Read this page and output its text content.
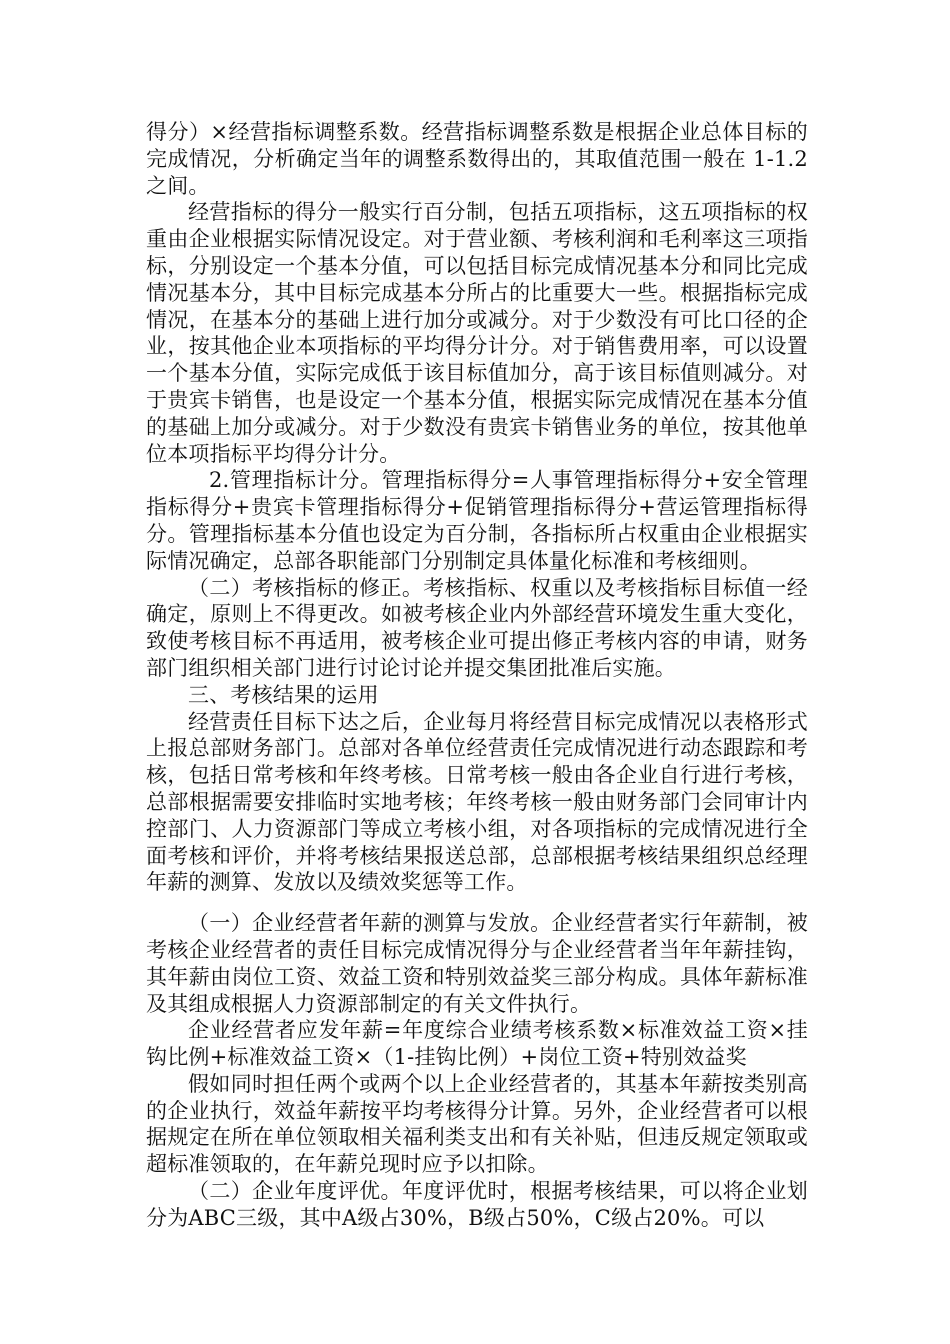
得分）×经营指标调整系数。经营指标调整系数是根据企业总体目标的完成情况，分析确定当年的调整系数得出的，其取值范围一般在 1-1.2 之间。

经营指标的得分一般实行百分制，包括五项指标，这五项指标的权重由企业根据实际情况设定。对于营业额、考核利润和毛利率这三项指标，分别设定一个基本分值，可以包括目标完成情况基本分和同比完成情况基本分，其中目标完成基本分所占的比重要大一些。根据指标完成情况，在基本分的基础上进行加分或减分。对于少数没有可比口径的企业，按其他企业本项指标的平均得分计分。对于销售费用率，可以设置一个基本分值，实际完成低于该目标值加分，高于该目标值则减分。对于贵宾卡销售，也是设定一个基本分值，根据实际完成情况在基本分值的基础上加分或减分。对于少数没有贵宾卡销售业务的单位，按其他单位本项指标平均得分计分。

2.管理指标计分。管理指标得分=人事管理指标得分+安全管理指标得分+贵宾卡管理指标得分+促销管理指标得分+营运管理指标得分。管理指标基本分值也设定为百分制，各指标所占权重由企业根据实际情况确定，总部各职能部门分别制定具体量化标准和考核细则。

（二）考核指标的修正。考核指标、权重以及考核指标目标值一经确定，原则上不得更改。如被考核企业内外部经营环境发生重大变化，致使考核目标不再适用，被考核企业可提出修正考核内容的申请，财务部门组织相关部门进行讨论讨论并提交集团批准后实施。

三、考核结果的运用

经营责任目标下达之后，企业每月将经营目标完成情况以表格形式上报总部财务部门。总部对各单位经营责任完成情况进行动态跟踪和考核，包括日常考核和年终考核。日常考核一般由各企业自行进行考核，总部根据需要安排临时实地考核；年终考核一般由财务部门会同审计内控部门、人力资源部门等成立考核小组，对各项指标的完成情况进行全面考核和评价，并将考核结果报送总部，总部根据考核结果组织总经理年薪的测算、发放以及绩效奖惩等工作。

（一）企业经营者年薪的测算与发放。企业经营者实行年薪制，被考核企业经营者的责任目标完成情况得分与企业经营者当年年薪挂钩，其年薪由岗位工资、效益工资和特别效益奖三部分构成。具体年薪标准及其组成根据人力资源部制定的有关文件执行。

企业经营者应发年薪=年度综合业绩考核系数×标准效益工资×挂钩比例+标准效益工资×（1-挂钩比例）+岗位工资+特别效益奖

假如同时担任两个或两个以上企业经营者的，其基本年薪按类别高的企业执行，效益年薪按平均考核得分计算。另外，企业经营者可以根据规定在所在单位领取相关福利类支出和有关补贴，但违反规定领取或超标准领取的，在年薪兑现时应予以扣除。

（二）企业年度评优。年度评优时，根据考核结果，可以将企业划分为ABC三级，其中A级占30%，B级占50%，C级占20%。可以
